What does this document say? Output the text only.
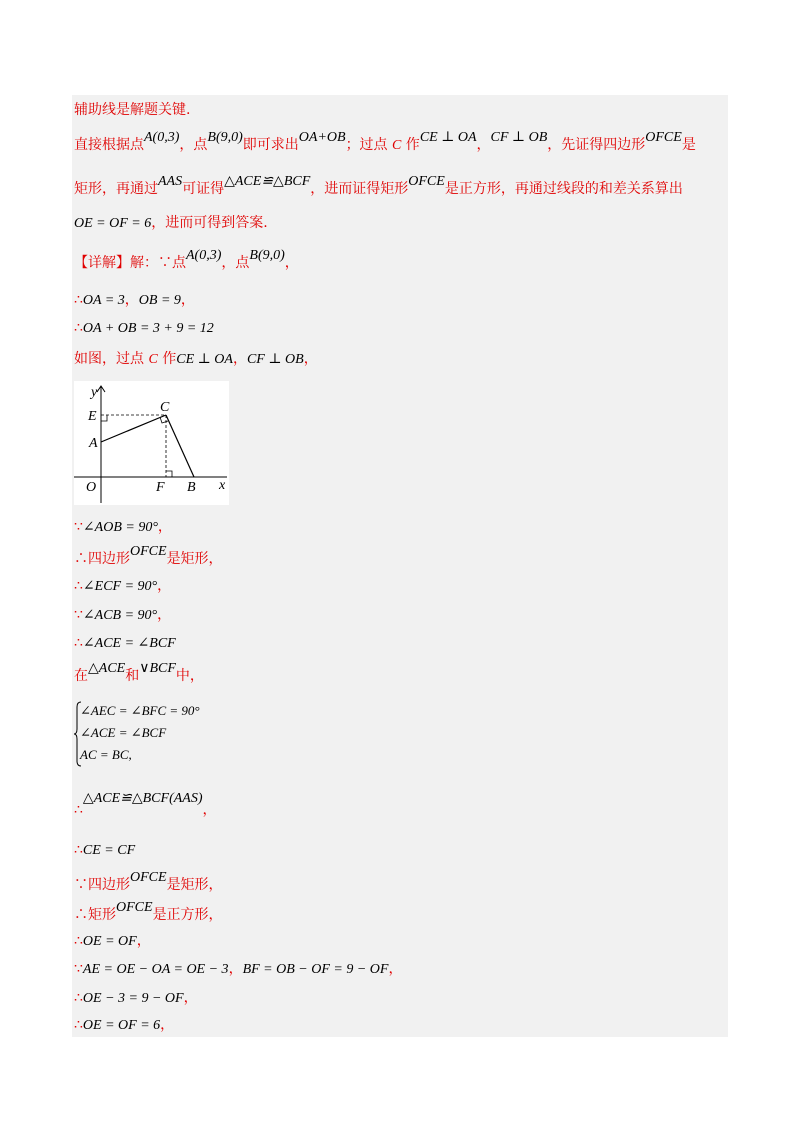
辅助线是解题关键.
直接根据点A(0,3)，点B(9,0)即可求出OA+OB；过点 C 作CE ⊥ OA，CF ⊥ OB，先证得四边形OFCE是
矩形，再通过AAS可证得△ACE≌△BCF，进而证得矩形OFCE是正方形，再通过线段的和差关系算出
OE = OF = 6，进而可得到答案.
【详解】解：∵点A(0,3)，点B(9,0)，
∴OA = 3，OB = 9，
∴OA + OB = 3 + 9 = 12
如图，过点 C 作CE ⊥ OA，CF ⊥ OB，
y
x
E
C
A
O	F B
∵∠AOB = 90°，
∴四边形OFCE是矩形，
∴∠ECF = 90°，
∵∠ACB = 90°，
∴∠ACE = ∠BCF
在△ACE和∨BCF中，
∠AEC = ∠BFC = 90°
∠ACE = ∠BCF
AC = BC,
∴△ACE≌△BCF(AAS)，
∴CE = CF
∵四边形OFCE是矩形，
∴矩形OFCE是正方形，
∴OE = OF，
∵AE = OE − OA = OE − 3，BF = OB − OF = 9 − OF，
∴OE − 3 = 9 − OF，
∴OE = OF = 6，
